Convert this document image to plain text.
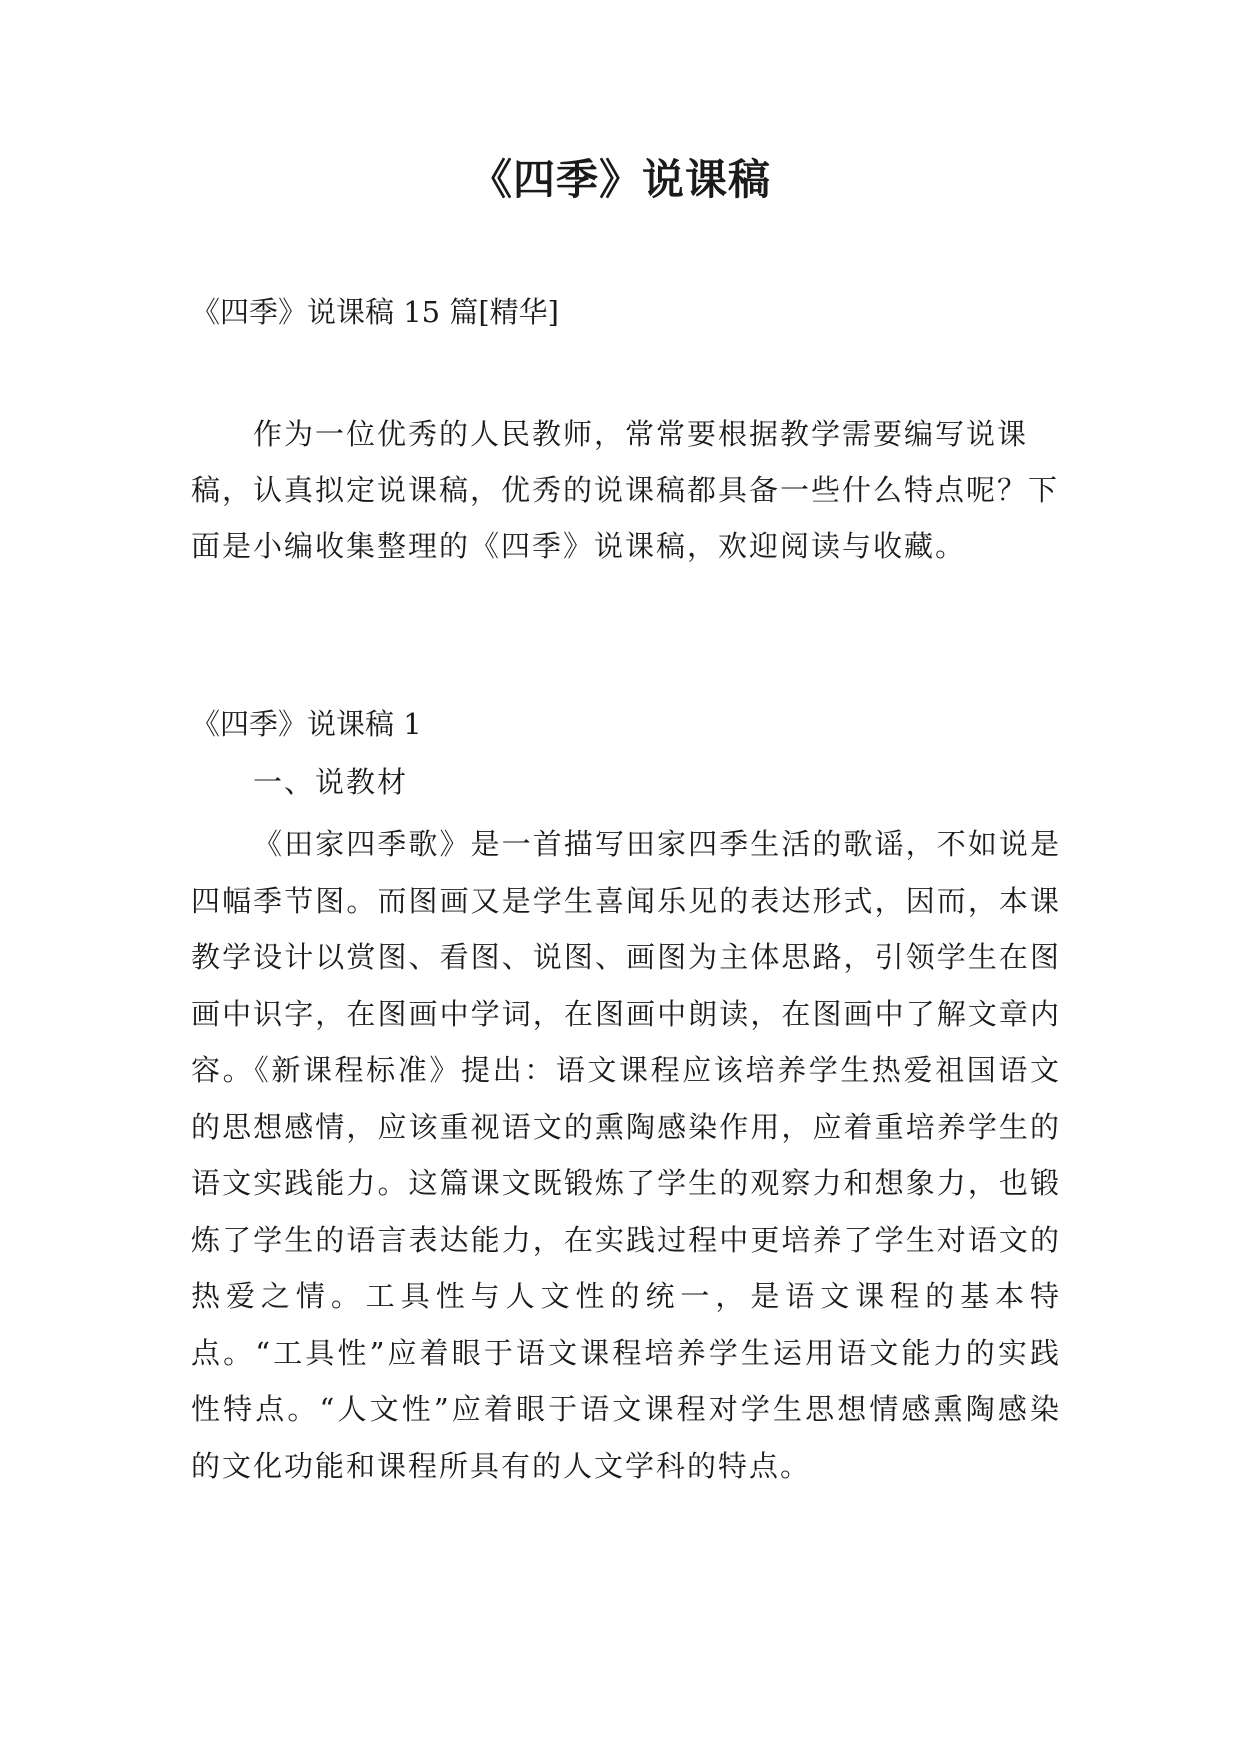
《四季》说课稿
《四季》说课稿 15 篇[精华]

作为一位优秀的人民教师，常常要根据教学需要编写说课稿，认真拟定说课稿，优秀的说课稿都具备一些什么特点呢？下面是小编收集整理的《四季》说课稿，欢迎阅读与收藏。

《四季》说课稿 1
一、说教材

《田家四季歌》是一首描写田家四季生活的歌谣，不如说是四幅季节图。而图画又是学生喜闻乐见的表达形式，因而，本课教学设计以赏图、看图、说图、画图为主体思路，引领学生在图画中识字，在图画中学词，在图画中朗读，在图画中了解文章内容。《新课程标准》提出：语文课程应该培养学生热爱祖国语文的思想感情，应该重视语文的熏陶感染作用，应着重培养学生的语文实践能力。这篇课文既锻炼了学生的观察力和想象力，也锻炼了学生的语言表达能力，在实践过程中更培养了学生对语文的热爱之情。工具性与人文性的统一，是语文课程的基本特点。“工具性”应着眼于语文课程培养学生运用语文能力的实践性特点。“人文性”应着眼于语文课程对学生思想情感熏陶感染的文化功能和课程所具有的人文学科的特点。
